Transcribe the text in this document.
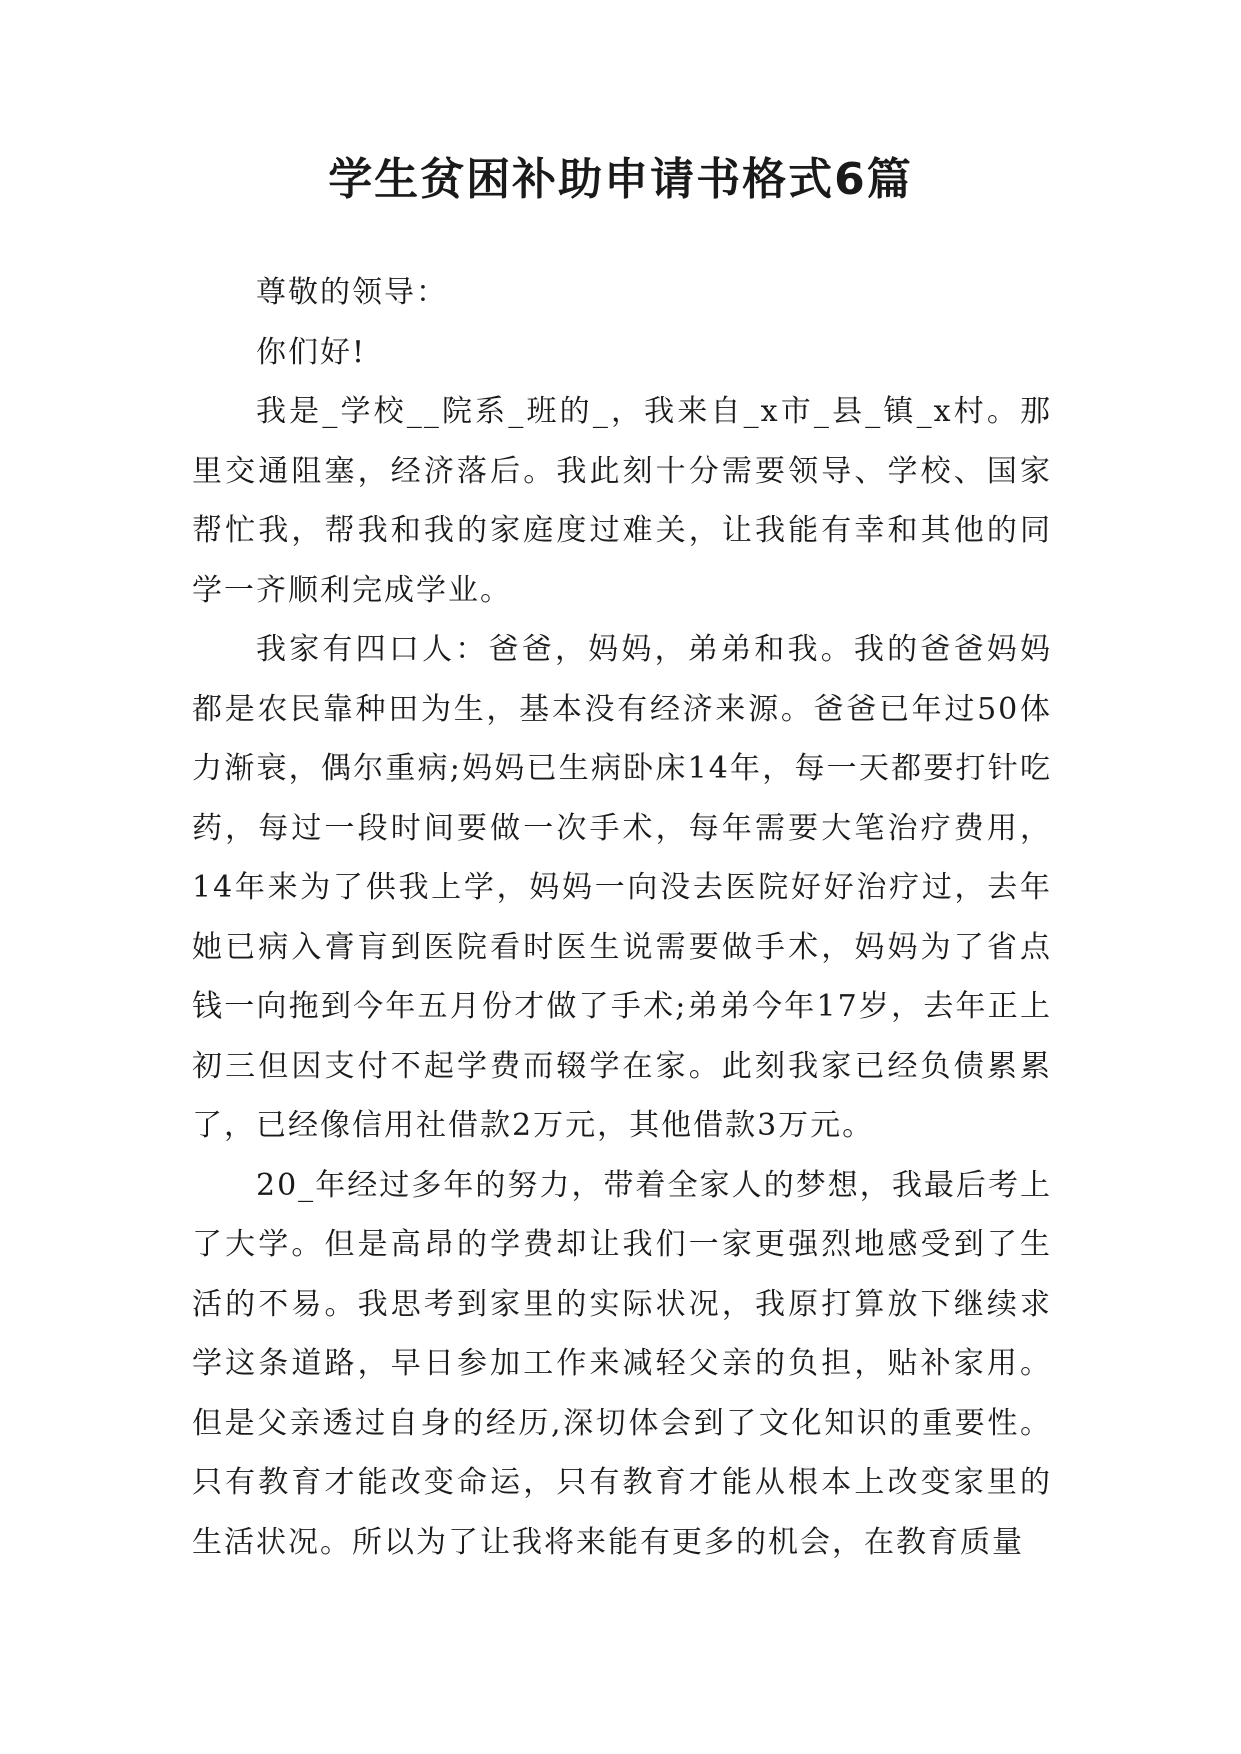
学生贫困补助申请书格式6篇

尊敬的领导：

你们好!

我是_学校__院系_班的_，我来自_x市_县_镇_x村。那里交通阻塞，经济落后。我此刻十分需要领导、学校、国家帮忙我，帮我和我的家庭度过难关，让我能有幸和其他的同学一齐顺利完成学业。

我家有四口人：爸爸，妈妈，弟弟和我。我的爸爸妈妈都是农民靠种田为生，基本没有经济来源。爸爸已年过50体力渐衰，偶尔重病;妈妈已生病卧床14年，每一天都要打针吃药，每过一段时间要做一次手术，每年需要大笔治疗费用，14年来为了供我上学，妈妈一向没去医院好好治疗过，去年她已病入膏肓到医院看时医生说需要做手术，妈妈为了省点钱一向拖到今年五月份才做了手术;弟弟今年17岁，去年正上初三但因支付不起学费而辍学在家。此刻我家已经负债累累了，已经像信用社借款2万元，其他借款3万元。

20_年经过多年的努力，带着全家人的梦想，我最后考上了大学。但是高昂的学费却让我们一家更强烈地感受到了生活的不易。我思考到家里的实际状况，我原打算放下继续求学这条道路，早日参加工作来减轻父亲的负担，贴补家用。但是父亲透过自身的经历,深切体会到了文化知识的重要性。只有教育才能改变命运，只有教育才能从根本上改变家里的生活状况。所以为了让我将来能有更多的机会，在教育质量
